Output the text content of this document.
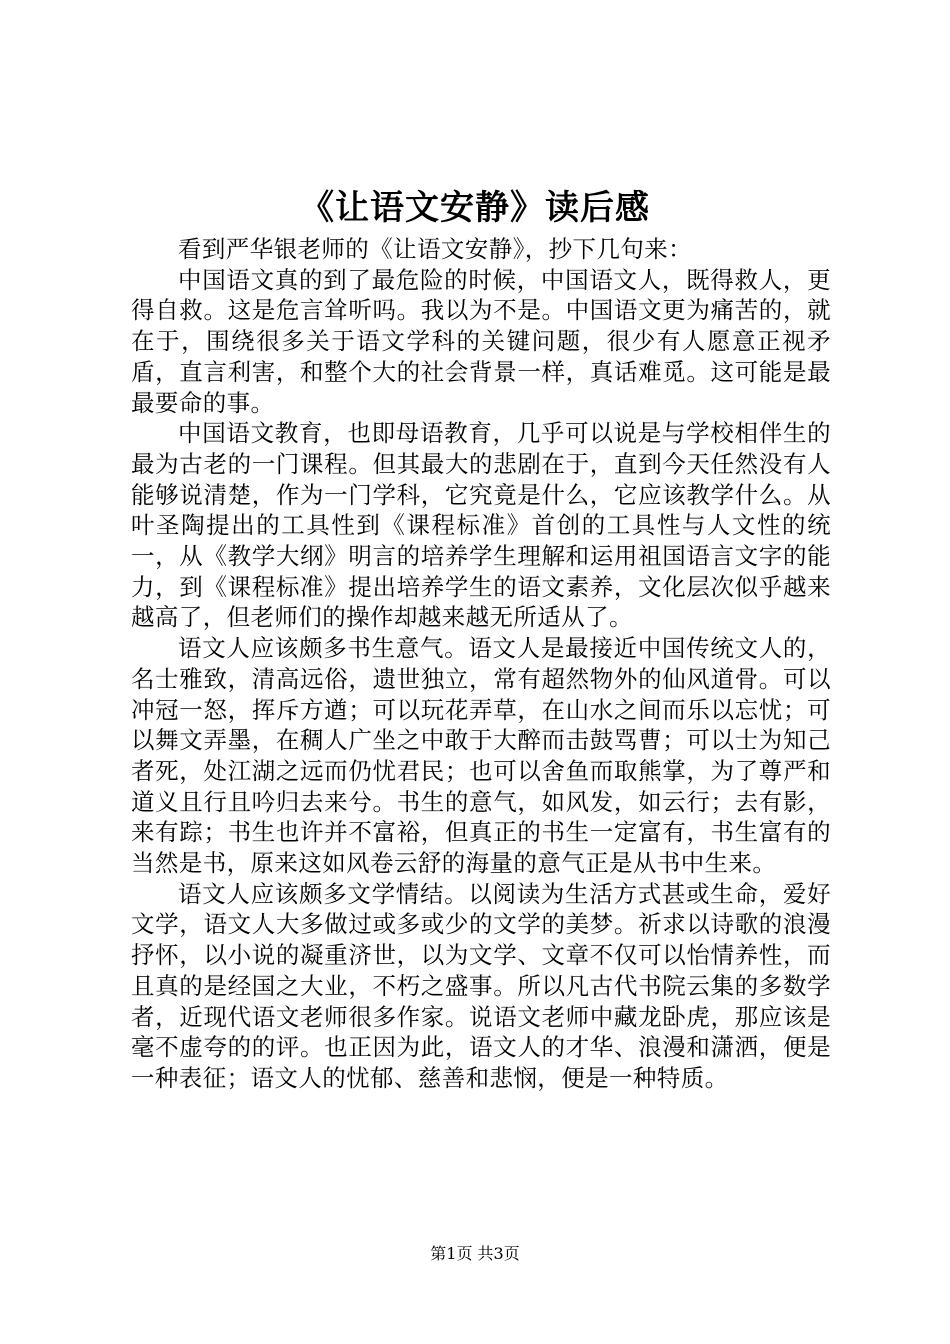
《让语文安静》读后感

看到严华银老师的《让语文安静》，抄下几句来：

中国语文真的到了最危险的时候，中国语文人，既得救人，更得自救。这是危言耸听吗。我以为不是。中国语文更为痛苦的，就在于，围绕很多关于语文学科的关键问题，很少有人愿意正视矛盾，直言利害，和整个大的社会背景一样，真话难觅。这可能是最最要命的事。

中国语文教育，也即母语教育，几乎可以说是与学校相伴生的最为古老的一门课程。但其最大的悲剧在于，直到今天任然没有人能够说清楚，作为一门学科，它究竟是什么，它应该教学什么。从叶圣陶提出的工具性到《课程标准》首创的工具性与人文性的统一，从《教学大纲》明言的培养学生理解和运用祖国语言文字的能力，到《课程标准》提出培养学生的语文素养，文化层次似乎越来越高了，但老师们的操作却越来越无所适从了。

语文人应该颇多书生意气。语文人是最接近中国传统文人的，名士雅致，清高远俗，遗世独立，常有超然物外的仙风道骨。可以冲冠一怒，挥斥方遒；可以玩花弄草，在山水之间而乐以忘忧；可以舞文弄墨，在稠人广坐之中敢于大醉而击鼓骂曹；可以士为知己者死，处江湖之远而仍忧君民；也可以舍鱼而取熊掌，为了尊严和道义且行且吟归去来兮。书生的意气，如风发，如云行；去有影，来有踪；书生也许并不富裕，但真正的书生一定富有，书生富有的当然是书，原来这如风卷云舒的海量的意气正是从书中生来。

语文人应该颇多文学情结。以阅读为生活方式甚或生命，爱好文学，语文人大多做过或多或少的文学的美梦。祈求以诗歌的浪漫抒怀，以小说的凝重济世，以为文学、文章不仅可以怡情养性，而且真的是经国之大业，不朽之盛事。所以凡古代书院云集的多数学者，近现代语文老师很多作家。说语文老师中藏龙卧虎，那应该是毫不虚夸的的评。也正因为此，语文人的才华、浪漫和潇洒，便是一种表征；语文人的忧郁、慈善和悲悯，便是一种特质。

第1页 共3页
